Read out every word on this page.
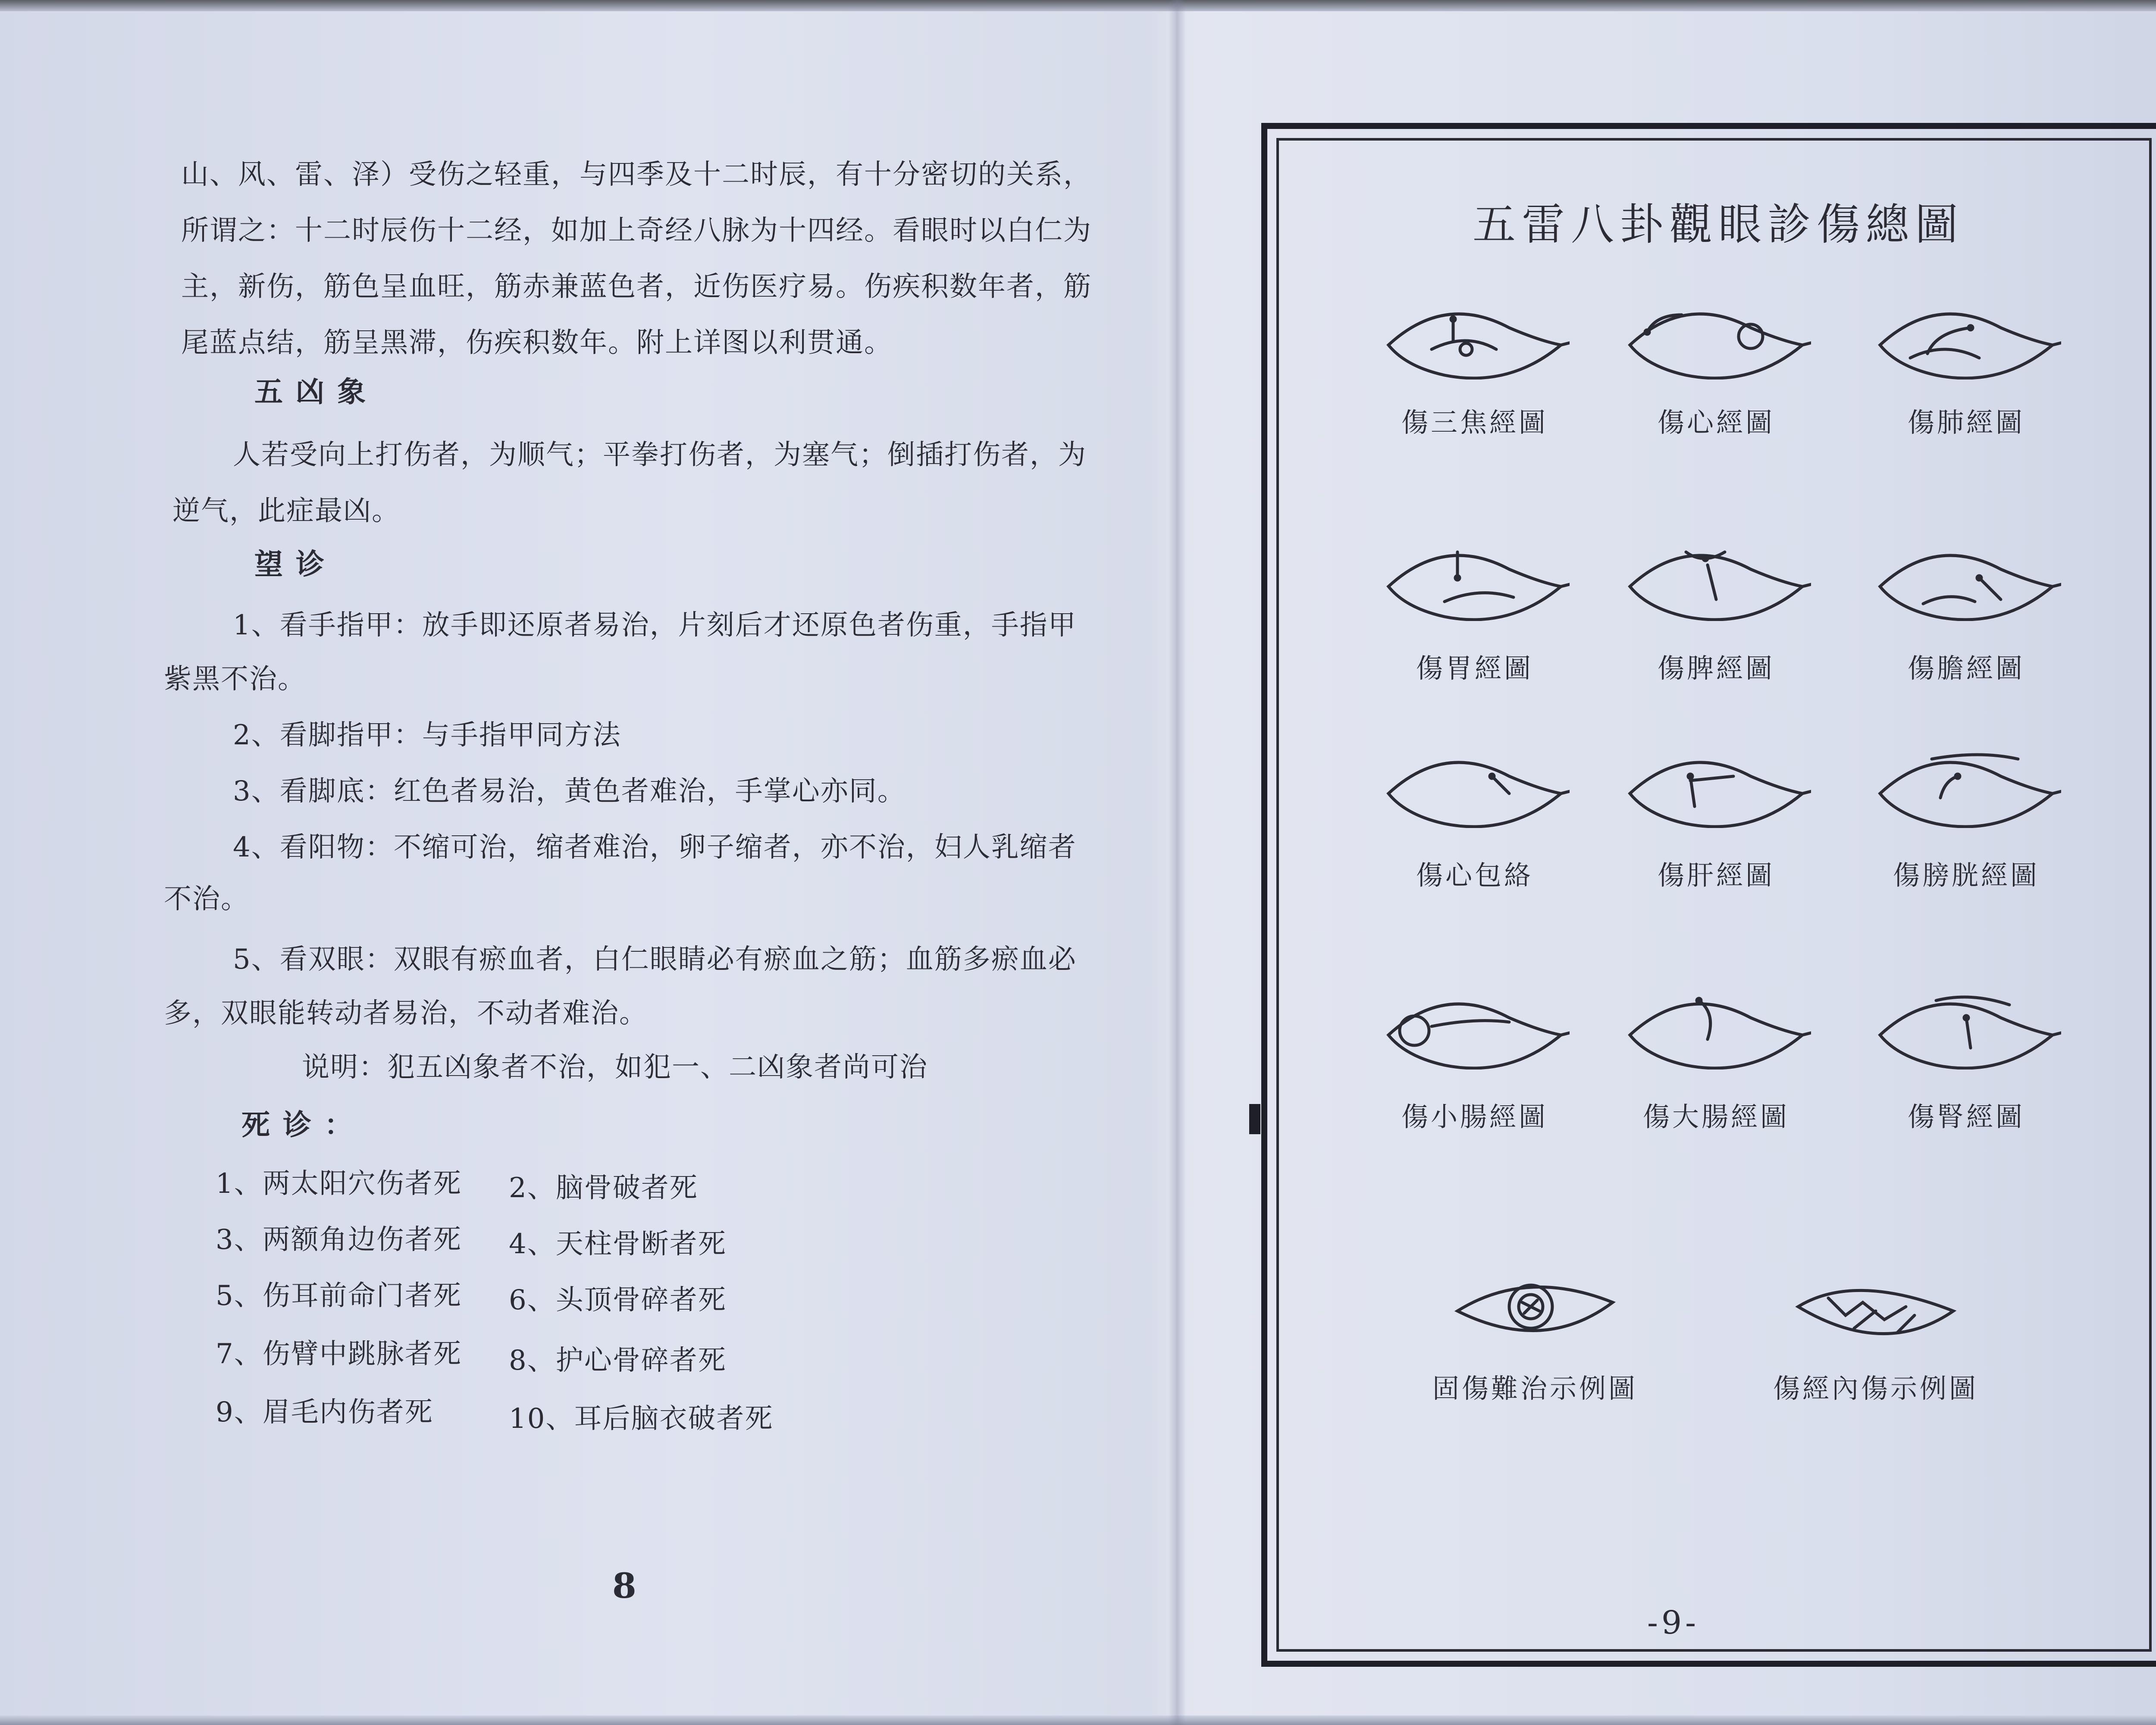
山、风、雷、泽）受伤之轻重，与四季及十二时辰，有十分密切的关系，
所谓之：十二时辰伤十二经，如加上奇经八脉为十四经。看眼时以白仁为
主，新伤，筋色呈血旺，筋赤兼蓝色者，近伤医疗易。伤疾积数年者，筋
尾蓝点结，筋呈黑滞，伤疾积数年。附上详图以利贯通。
五凶象
人若受向上打伤者，为顺气；平拳打伤者，为塞气；倒插打伤者，为
逆气，此症最凶。
望诊
1、看手指甲：放手即还原者易治，片刻后才还原色者伤重，手指甲
紫黑不治。
2、看脚指甲：与手指甲同方法
3、看脚底：红色者易治，黄色者难治，手掌心亦同。
4、看阳物：不缩可治，缩者难治，卵子缩者，亦不治，妇人乳缩者
不治。
5、看双眼：双眼有瘀血者，白仁眼睛必有瘀血之筋；血筋多瘀血必
多，双眼能转动者易治，不动者难治。
说明：犯五凶象者不治，如犯一、二凶象者尚可治
死诊：
1、两太阳穴伤者死 2、脑骨破者死
3、两额角边伤者死 4、天柱骨断者死
5、伤耳前命门者死 6、头顶骨碎者死
7、伤臂中跳脉者死 8、护心骨碎者死
9、眉毛内伤者死	10、耳后脑衣破者死
8
五雷八卦觀眼診傷總圖
傷三焦經圖	傷心經圖	傷肺經圖
傷胃經圖	傷脾經圖	傷膽經圖
傷心包絡	傷肝經圖	傷膀胱經圖
傷小腸經圖	傷大腸經圖	傷腎經圖
固傷難治示例圖	傷經內傷示例圖
-9-
